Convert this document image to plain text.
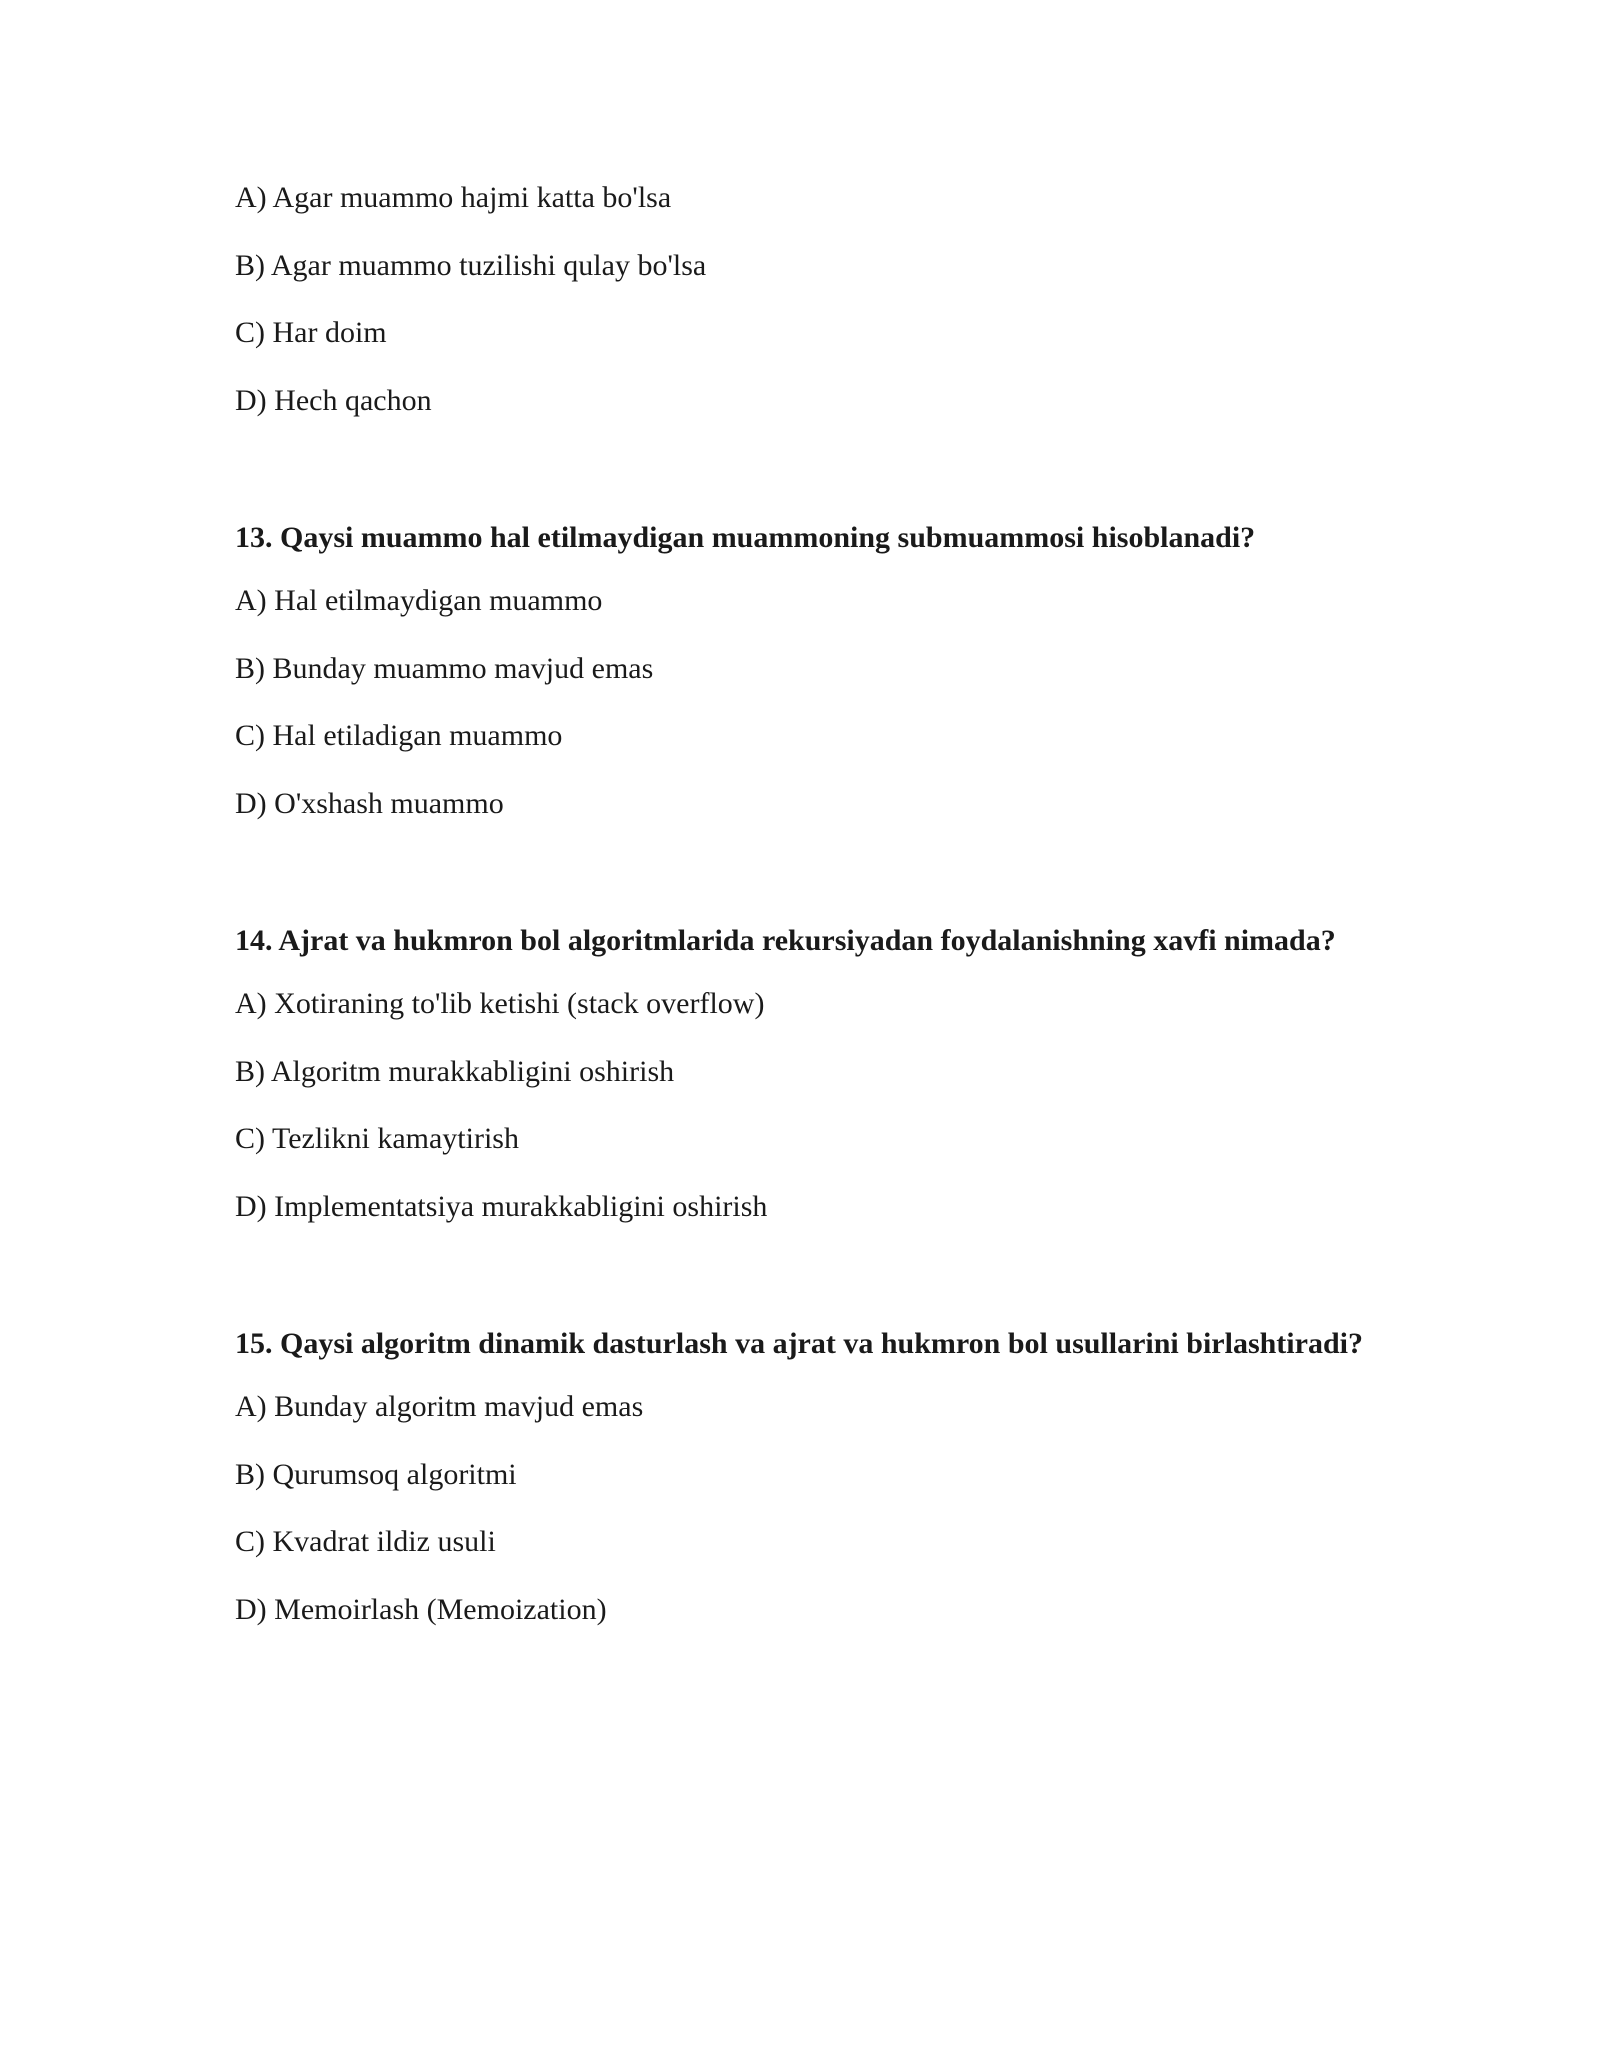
A) Agar muammo hajmi katta bo'lsa
B) Agar muammo tuzilishi qulay bo'lsa
C) Har doim
D) Hech qachon
13. Qaysi muammo hal etilmaydigan muammoning submuammosi hisoblanadi?
A) Hal etilmaydigan muammo
B) Bunday muammo mavjud emas
C) Hal etiladigan muammo
D) O'xshash muammo
14. Ajrat va hukmron bol algoritmlarida rekursiyadan foydalanishning xavfi nimada?
A) Xotiraning to'lib ketishi (stack overflow)
B) Algoritm murakkabligini oshirish
C) Tezlikni kamaytirish
D) Implementatsiya murakkabligini oshirish
15. Qaysi algoritm dinamik dasturlash va ajrat va hukmron bol usullarini birlashtiradi?
A) Bunday algoritm mavjud emas
B) Qurumsoq algoritmi
C) Kvadrat ildiz usuli
D) Memoirlash (Memoization)
